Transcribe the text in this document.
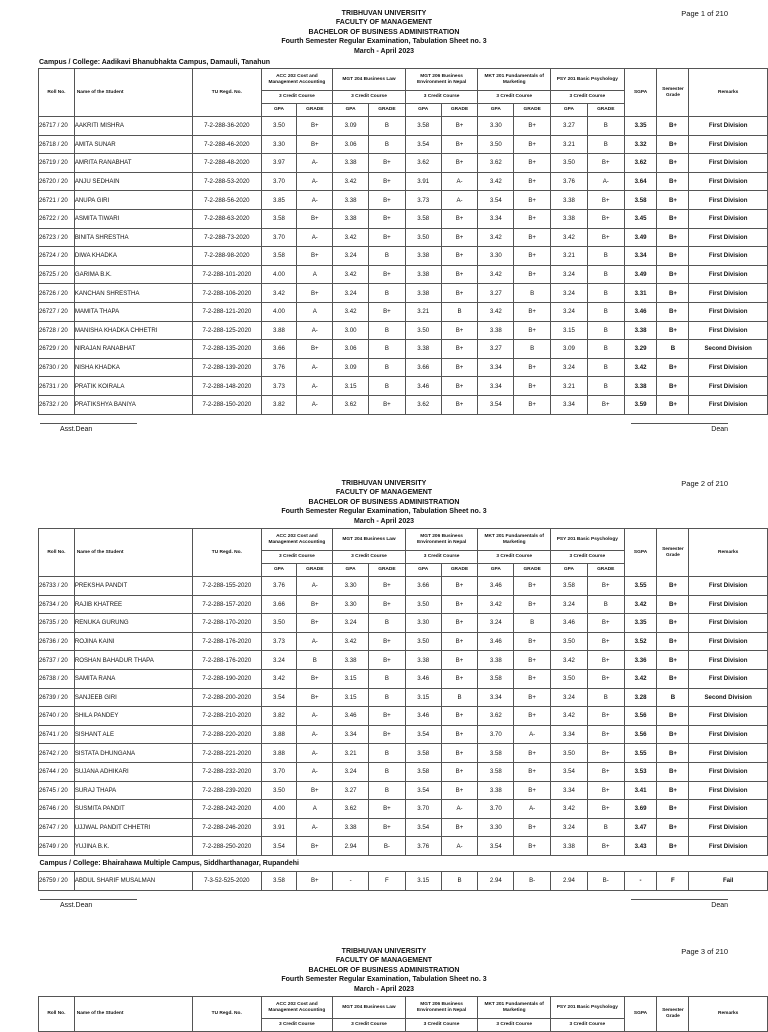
TRIBHUVAN UNIVERSITY
FACULTY OF MANAGEMENT
BACHELOR OF BUSINESS ADMINISTRATION
Fourth Semester Regular Examination, Tabulation Sheet no. 3
March - April 2023
Page 1 of 210
Campus / College: Aadikavi Bhanubhakta Campus, Damauli, Tanahun
Roll No.	Name of the Student	TU Regd. No.	ACC 202 Cost and Management Accounting		MGT 204 Business Law		MGT 206 Business Environment in Nepal		MKT 201 Fundamentals of Marketing		PSY 201 Basic Psychology		SGPA	Semester Grade	Remarks
			3 Credit Course		3 Credit Course		3 Credit Course		3 Credit Course		3 Credit Course				
			GPA	GRADE	GPA	GRADE	GPA	GRADE	GPA	GRADE	GPA	GRADE			
26717 / 20	AAKRITI MISHRA	7-2-288-36-2020	3.50	B+	3.09	B	3.58	B+	3.30	B+	3.27	B	3.35	B+	First Division
26718 / 20	AMITA SUNAR	7-2-288-46-2020	3.30	B+	3.06	B	3.54	B+	3.50	B+	3.21	B	3.32	B+	First Division
26719 / 20	AMRITA RANABHAT	7-2-288-48-2020	3.97	A-	3.38	B+	3.62	B+	3.62	B+	3.50	B+	3.62	B+	First Division
26720 / 20	ANJU SEDHAIN	7-2-288-53-2020	3.70	A-	3.42	B+	3.91	A-	3.42	B+	3.76	A-	3.64	B+	First Division
26721 / 20	ANUPA GIRI	7-2-288-56-2020	3.85	A-	3.38	B+	3.73	A-	3.54	B+	3.38	B+	3.58	B+	First Division
26722 / 20	ASMITA TIWARI	7-2-288-63-2020	3.58	B+	3.38	B+	3.58	B+	3.34	B+	3.38	B+	3.45	B+	First Division
26723 / 20	BINITA SHRESTHA	7-2-288-73-2020	3.70	A-	3.42	B+	3.50	B+	3.42	B+	3.42	B+	3.49	B+	First Division
26724 / 20	DIWA KHADKA	7-2-288-98-2020	3.58	B+	3.24	B	3.38	B+	3.30	B+	3.21	B	3.34	B+	First Division
26725 / 20	GARIMA B.K.	7-2-288-101-2020	4.00	A	3.42	B+	3.38	B+	3.42	B+	3.24	B	3.49	B+	First Division
26726 / 20	KANCHAN SHRESTHA	7-2-288-106-2020	3.42	B+	3.24	B	3.38	B+	3.27	B	3.24	B	3.31	B+	First Division
26727 / 20	MAMITA THAPA	7-2-288-121-2020	4.00	A	3.42	B+	3.21	B	3.42	B+	3.24	B	3.46	B+	First Division
26728 / 20	MANISHA KHADKA CHHETRI	7-2-288-125-2020	3.88	A-	3.00	B	3.50	B+	3.38	B+	3.15	B	3.38	B+	First Division
26729 / 20	NIRAJAN RANABHAT	7-2-288-135-2020	3.66	B+	3.06	B	3.38	B+	3.27	B	3.09	B	3.29	B	Second Division
26730 / 20	NISHA KHADKA	7-2-288-139-2020	3.76	A-	3.09	B	3.66	B+	3.34	B+	3.24	B	3.42	B+	First Division
26731 / 20	PRATIK KOIRALA	7-2-288-148-2020	3.73	A-	3.15	B	3.46	B+	3.34	B+	3.21	B	3.38	B+	First Division
26732 / 20	PRATIKSHYA BANIYA	7-2-288-150-2020	3.82	A-	3.62	B+	3.62	B+	3.54	B+	3.34	B+	3.59	B+	First Division
Asst.Dean	Dean
TRIBHUVAN UNIVERSITY
FACULTY OF MANAGEMENT
BACHELOR OF BUSINESS ADMINISTRATION
Fourth Semester Regular Examination, Tabulation Sheet no. 3
March - April 2023
Page 2 of 210
Roll No.	Name of the Student	TU Regd. No.	ACC 202 Cost and Management Accounting		MGT 204 Business Law		MGT 206 Business Environment in Nepal		MKT 201 Fundamentals of Marketing		PSY 201 Basic Psychology		SGPA	Semester Grade	Remarks
			3 Credit Course		3 Credit Course		3 Credit Course		3 Credit Course		3 Credit Course				
			GPA	GRADE	GPA	GRADE	GPA	GRADE	GPA	GRADE	GPA	GRADE			
26733 / 20	PREKSHA PANDIT	7-2-288-155-2020	3.76	A-	3.30	B+	3.66	B+	3.46	B+	3.58	B+	3.55	B+	First Division
26734 / 20	RAJIB KHATREE	7-2-288-157-2020	3.66	B+	3.30	B+	3.50	B+	3.42	B+	3.24	B	3.42	B+	First Division
26735 / 20	RENUKA GURUNG	7-2-288-170-2020	3.50	B+	3.24	B	3.30	B+	3.24	B	3.46	B+	3.35	B+	First Division
26736 / 20	ROJINA KAINI	7-2-288-176-2020	3.73	A-	3.42	B+	3.50	B+	3.46	B+	3.50	B+	3.52	B+	First Division
26737 / 20	ROSHAN BAHADUR THAPA	7-2-288-176-2020	3.24	B	3.38	B+	3.38	B+	3.38	B+	3.42	B+	3.36	B+	First Division
26738 / 20	SAMITA RANA	7-2-288-190-2020	3.42	B+	3.15	B	3.46	B+	3.58	B+	3.50	B+	3.42	B+	First Division
26739 / 20	SANJEEB GIRI	7-2-288-200-2020	3.54	B+	3.15	B	3.15	B	3.34	B+	3.24	B	3.28	B	Second Division
26740 / 20	SHILA PANDEY	7-2-288-210-2020	3.82	A-	3.46	B+	3.46	B+	3.62	B+	3.42	B+	3.56	B+	First Division
26741 / 20	SISHANT ALE	7-2-288-220-2020	3.88	A-	3.34	B+	3.54	B+	3.70	A-	3.34	B+	3.56	B+	First Division
26742 / 20	SISTATA DHUNGANA	7-2-288-221-2020	3.88	A-	3.21	B	3.58	B+	3.58	B+	3.50	B+	3.55	B+	First Division
26744 / 20	SUJANA ADHIKARI	7-2-288-232-2020	3.70	A-	3.24	B	3.58	B+	3.58	B+	3.54	B+	3.53	B+	First Division
26745 / 20	SURAJ THAPA	7-2-288-239-2020	3.50	B+	3.27	B	3.54	B+	3.38	B+	3.34	B+	3.41	B+	First Division
26746 / 20	SUSMITA PANDIT	7-2-288-242-2020	4.00	A	3.62	B+	3.70	A-	3.70	A-	3.42	B+	3.69	B+	First Division
26747 / 20	UJJWAL PANDIT CHHETRI	7-2-288-246-2020	3.91	A-	3.38	B+	3.54	B+	3.30	B+	3.24	B	3.47	B+	First Division
26749 / 20	YUJINA B.K.	7-2-288-250-2020	3.54	B+	2.94	B-	3.76	A-	3.54	B+	3.38	B+	3.43	B+	First Division
Campus / College: Bhairahawa Multiple Campus, Siddharthanagar, Rupandehi															
26759 / 20	ABDUL SHARIF MUSALMAN	7-3-52-525-2020	3.58	B+	-	F	3.15	B	2.94	B-	2.94	B-	-	F	Fail
Asst.Dean	Dean
TRIBHUVAN UNIVERSITY
FACULTY OF MANAGEMENT
BACHELOR OF BUSINESS ADMINISTRATION
Fourth Semester Regular Examination, Tabulation Sheet no. 3
March - April 2023
Page 3 of 210
Roll No.	Name of the Student	TU Regd. No.	ACC 202 Cost and Management Accounting	MGT 204 Business Law	MGT 206 Business Environment in Nepal	MKT 201 Fundamentals of Marketing	PSY 201 Basic Psychology	SGPA	Semester Grade	Remarks
			3 Credit Course	3 Credit Course	3 Credit Course	3 Credit Course	3 Credit Course			
